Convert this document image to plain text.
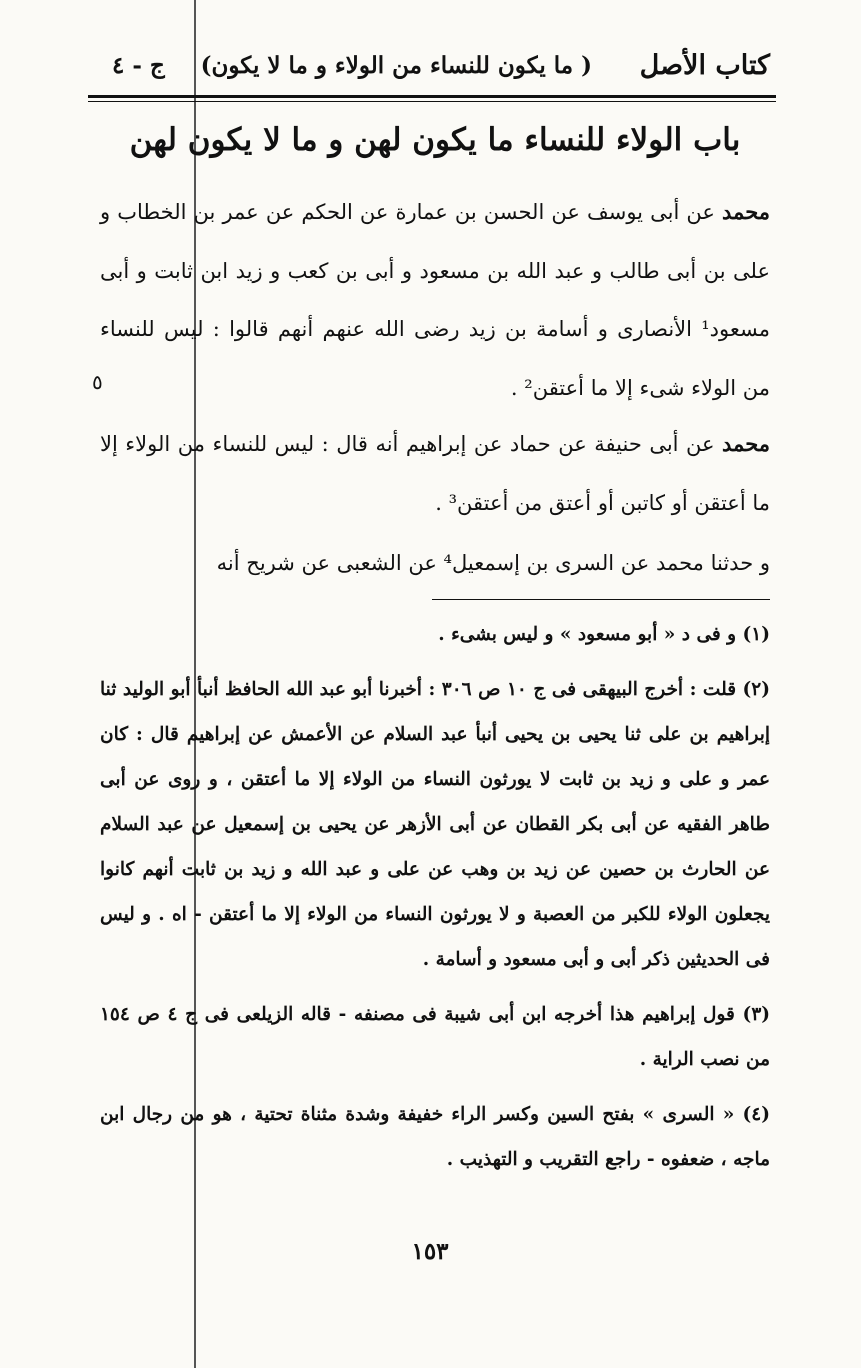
كتاب الأصل
( ما يكون للنساء من الولاء و ما لا يكون)
ج - ٤
باب الولاء للنساء ما يكون لهن و ما لا يكون لهن

محمد عن أبى يوسف عن الحسن بن عمارة عن الحكم عن عمر بن الخطاب و على بن أبى طالب و عبد الله بن مسعود و أبى بن كعب و زيد ابن ثابت و أبى مسعود¹ الأنصارى و أسامة بن زيد رضى الله عنهم أنهم قالوا : ليس للنساء من الولاء شىء إلا ما أعتقن² .

٥

محمد عن أبى حنيفة عن حماد عن إبراهيم أنه قال : ليس للنساء من الولاء إلا ما أعتقن أو كاتبن أو أعتق من أعتقن³ .

و حدثنا محمد عن السرى بن إسمعيل⁴ عن الشعبى عن شريح أنه

(١) و فى د « أبو مسعود » و ليس بشىء .

(٢) قلت : أخرج البيهقى فى ج ١٠ ص ٣٠٦ : أخبرنا أبو عبد الله الحافظ أنبأ أبو الوليد ثنا إبراهيم بن على ثنا يحيى بن يحيى أنبأ عبد السلام عن الأعمش عن إبراهيم قال : كان عمر و على و زيد بن ثابت لا يورثون النساء من الولاء إلا ما أعتقن ، و روى عن أبى طاهر الفقيه عن أبى بكر القطان عن أبى الأزهر عن يحيى بن إسمعيل عن عبد السلام عن الحارث بن حصين عن زيد بن وهب عن على و عبد الله و زيد بن ثابت أنهم كانوا يجعلون الولاء للكبر من العصبة و لا يورثون النساء من الولاء إلا ما أعتقن - اه . و ليس فى الحديثين ذكر أبى و أبى مسعود و أسامة .

(٣) قول إبراهيم هذا أخرجه ابن أبى شيبة فى مصنفه - قاله الزيلعى فى ج ٤ ص ١٥٤ من نصب الراية .

(٤) « السرى » بفتح السين وكسر الراء خفيفة وشدة مثناة تحتية ، هو من رجال ابن ماجه ، ضعفوه - راجع التقريب و التهذيب .

١٥٣
